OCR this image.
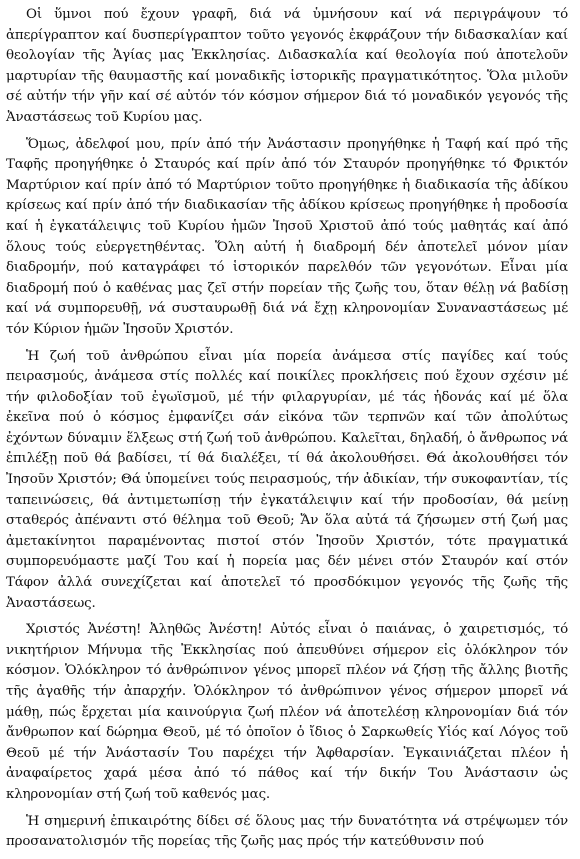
Οἱ ὕμνοι πού ἔχουν γραφῆ, διά νά ὑμνήσουν καί νά περιγράψουν τό ἀπερίγραπτον καί δυσπερίγραπτον τοῦτο γεγονός ἐκφράζουν τήν διδασκαλίαν καί θεολογίαν τῆς Ἁγίας μας Ἐκκλησίας. Διδασκαλία καί θεολογία πού ἀποτελοῦν μαρτυρίαν τῆς θαυμαστῆς καί μοναδικῆς ἱστορικῆς πραγματικότητος. Ὅλα μιλοῦν σέ αὐτήν τήν γῆν καί σέ αὐτόν τόν κόσμον σήμερον διά τό μοναδικόν γεγονός τῆς Ἀναστάσεως τοῦ Κυρίου μας.

Ὅμως, ἀδελφοί μου, πρίν ἀπό τήν Ἀνάστασιν προηγήθηκε ἡ Ταφή καί πρό τῆς Ταφῆς προηγήθηκε ὁ Σταυρός καί πρίν ἀπό τόν Σταυρόν προηγήθηκε τό Φρικτόν Μαρτύριον καί πρίν ἀπό τό Μαρτύριον τοῦτο προηγήθηκε ἡ διαδικασία τῆς ἀδίκου κρίσεως καί πρίν ἀπό τήν διαδικασίαν τῆς ἀδίκου κρίσεως προηγήθηκε ἡ προδοσία καί ἡ ἐγκατάλειψις τοῦ Κυρίου ἡμῶν Ἰησοῦ Χριστοῦ ἀπό τούς μαθητάς καί ἀπό ὅλους τούς εὐεργετηθέντας. Ὅλη αὐτή ἡ διαδρομή δέν ἀποτελεῖ μόνον μίαν διαδρομήν, πού καταγράφει τό ἱστορικόν παρελθόν τῶν γεγονότων. Εἶναι μία διαδρομή πού ὁ καθένας μας ζεῖ στήν πορείαν τῆς ζωῆς του, ὅταν θέλῃ νά βαδίσῃ καί νά συμπορευθῇ, νά συσταυρωθῇ διά νά ἔχῃ κληρονομίαν Συναναστάσεως μέ τόν Κύριον ἡμῶν Ἰησοῦν Χριστόν.

Ἡ ζωή τοῦ ἀνθρώπου εἶναι μία πορεία ἀνάμεσα στίς παγίδες καί τούς πειρασμούς, ἀνάμεσα στίς πολλές καί ποικίλες προκλήσεις πού ἔχουν σχέσιν μέ τήν φιλοδοξίαν τοῦ ἐγωϊσμοῦ, μέ τήν φιλαργυρίαν, μέ τάς ἡδονάς καί μέ ὅλα ἐκεῖνα πού ὁ κόσμος ἐμφανίζει σάν εἰκόνα τῶν τερπνῶν καί τῶν ἀπολύτως ἐχόντων δύναμιν ἕλξεως στή ζωή τοῦ ἀνθρώπου. Καλεῖται, δηλαδή, ὁ ἄνθρωπος νά ἐπιλέξῃ ποῦ θά βαδίσει, τί θά διαλέξει, τί θά ἀκολουθήσει. Θά ἀκολουθήσει τόν Ἰησοῦν Χριστόν; Θά ὑπομείνει τούς πειρασμούς, τήν ἀδικίαν, τήν συκοφαντίαν, τίς ταπεινώσεις, θά ἀντιμετωπίσῃ τήν ἐγκατάλειψιν καί τήν προδοσίαν, θά μείνῃ σταθερός ἀπέναντι στό θέλημα τοῦ Θεοῦ; Ἄν ὅλα αὐτά τά ζήσωμεν στή ζωή μας ἀμετακίνητοι παραμένοντας πιστοί στόν Ἰησοῦν Χριστόν, τότε πραγματικά συμπορευόμαστε μαζί Του καί ἡ πορεία μας δέν μένει στόν Σταυρόν καί στόν Τάφον ἀλλά συνεχίζεται καί ἀποτελεῖ τό προσδόκιμον γεγονός τῆς ζωῆς τῆς Ἀναστάσεως.

Χριστός Ἀνέστη! Ἀληθῶς Ἀνέστη! Αὐτός εἶναι ὁ παιάνας, ὁ χαιρετισμός, τό νικητήριον Μήνυμα τῆς Ἐκκλησίας πού ἀπευθύνει σήμερον εἰς ὁλόκληρον τόν κόσμον. Ὁλόκληρον τό ἀνθρώπινον γένος μπορεῖ πλέον νά ζήσῃ τῆς ἄλλης βιοτῆς τῆς ἀγαθῆς τήν ἀπαρχήν. Ὁλόκληρον τό ἀνθρώπινον γένος σήμερον μπορεῖ νά μάθῃ, πώς ἔρχεται μία καινούργια ζωή πλέον νά ἀποτελέσῃ κληρονομίαν διά τόν ἄνθρωπον καί δώρημα Θεοῦ, μέ τό ὁποῖον ὁ ἴδιος ὁ Σαρκωθείς Υἱός καί Λόγος τοῦ Θεοῦ μέ τήν Ἀνάστασίν Του παρέχει τήν Ἀφθαρσίαν. Ἐγκαινιάζεται πλέον ἡ ἀναφαίρετος χαρά μέσα ἀπό τό πάθος καί τήν δικήν Του Ἀνάστασιν ὡς κληρονομίαν στή ζωή τοῦ καθενός μας.

Ἡ σημερινή ἐπικαιρότης δίδει σέ ὅλους μας τήν δυνατότητα νά στρέψωμεν τόν προσανατολισμόν τῆς πορείας τῆς ζωῆς μας πρός τήν κατεύθυνσιν πού
